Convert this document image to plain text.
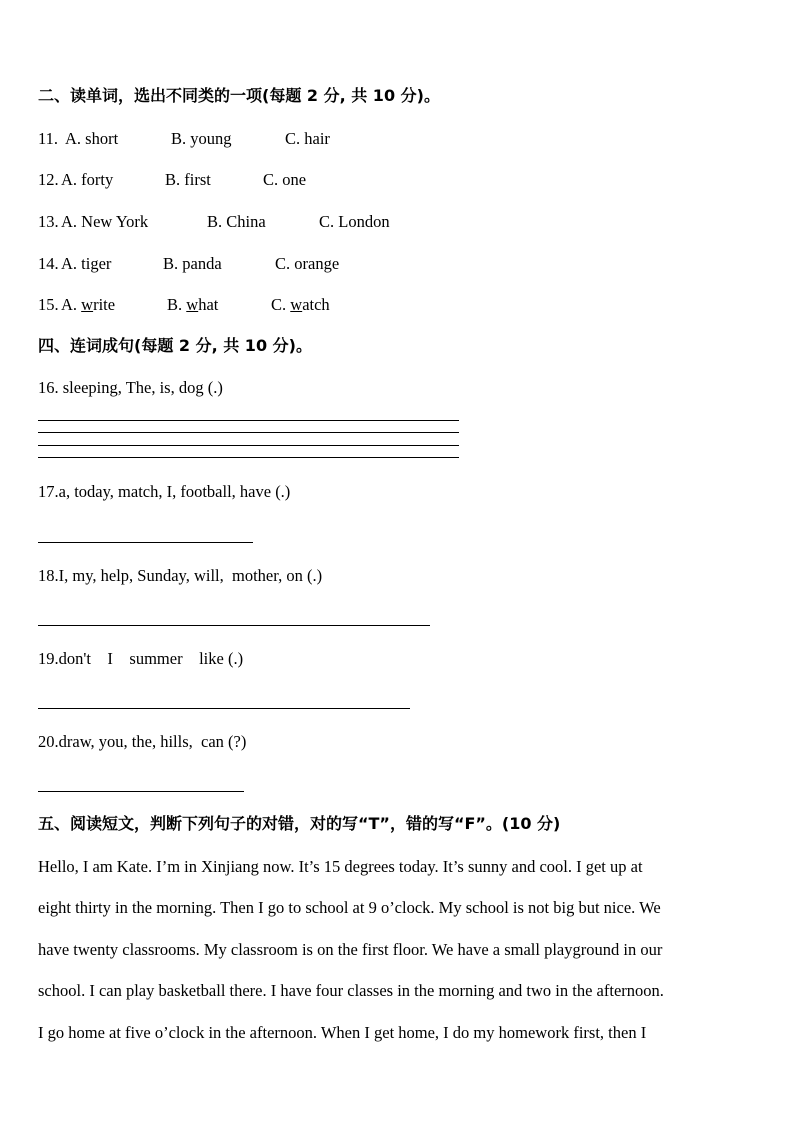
二、读单词，选出不同类的一项(每题 2 分, 共 10 分)。

11.

A. short

	B. young

	C. hair

12.

A. forty

	B. first

	C. one

13.

A. New York

	B. China

	C. London

14.

A. tiger

	B. panda

	C. orange

15.

A. write

	B. what

	C. watch

四、连词成句(每题 2 分, 共 10 分)。
16. sleeping, The, is, dog (.)
17.a, today, match, I, football, have (.)
18.I, my, help, Sunday, will,  mother, on (.)
19.don't    I    summer    like (.)
20.draw, you, the, hills,  can (?)
五、阅读短文，判断下列句子的对错，对的写“T”，错的写“F”。(10 分)
Hello, I am Kate. I’m in Xinjiang now. It’s 15 degrees today. It’s sunny and cool. I get up at
eight thirty in the morning. Then I go to school at 9 o’clock. My school is not big but nice. We
have twenty classrooms. My classroom is on the first floor. We have a small playground in our
school. I can play basketball there. I have four classes in the morning and two in the afternoon.
I go home at five o’clock in the afternoon. When I get home, I do my homework first, then I
